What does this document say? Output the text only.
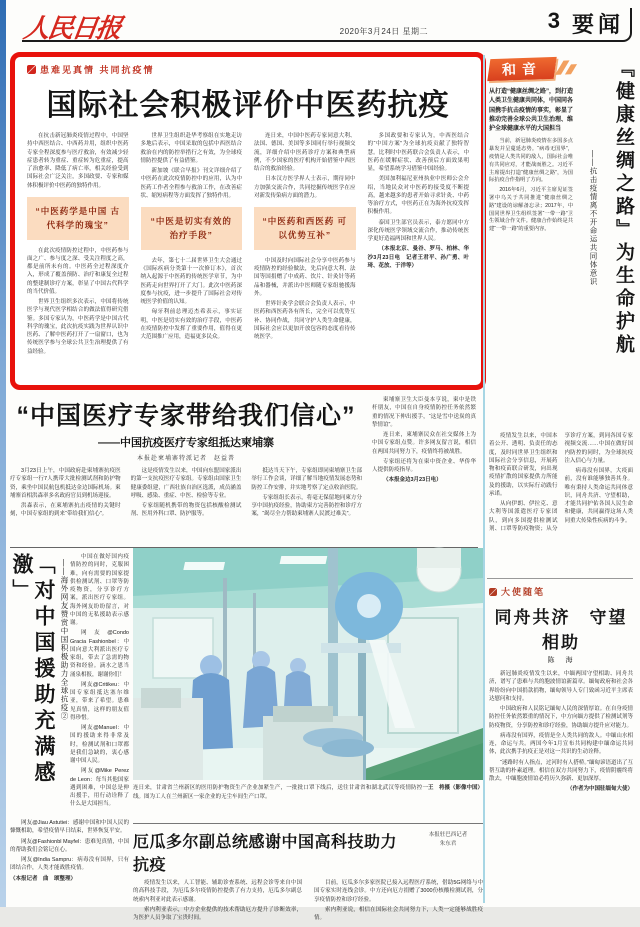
人民日报	2020年3月24日 星期二	3 要闻
患难见真情 共同抗疫情
国际社会积极评价中医药抗疫

在抗击新冠肺炎疫情过程中，中国坚持中西医结合、中西药并用，组织中医药专家全程深度参与医疗救治，有效减少轻症患者转为重症、重症转为危重症，提高了治愈率、降低了病亡率，相关经验受到国际社会广泛关注，多国政要、专家和媒体积极评价中医药的独特作用。

“中医药学是中国 古代科学的瑰宝”

在此次疫情防控过程中，中医药参与面之广、参与度之深、受关注程度之高，都是前所未有的。中医药全过程深度介入，形成了覆盖预防、治疗和康复全过程的整建制诊疗方案，彰显了中国古代科学的当代价值。

世界卫生组织多次表示，中国将传统医学与现代医学相结合的做法值得研究借鉴。多国专家认为，中医药学是中国古代科学的瑰宝，此次抗疫实践为世界认识中医药、了解中医药打开了一扇窗口，也为传统医学参与全球公共卫生治理提供了有益经验。

世界卫生组织赴华考察组在实地走访多地后表示，中国采取的包括中西医结合救治在内的防控举措行之有效，为全球疫情防控提供了有益借鉴。

新加坡《联合早报》刊文详细介绍了中医药在此次疫情防控中的应用，认为中医药工作者全程参与救治工作，在改善症状、缩短病程等方面发挥了独特作用。

“中医是切实有效的 治疗手段”

去年，第七十二届世界卫生大会通过《国际疾病分类第十一次修订本》，首次纳入起源于中医药的传统医学章节，为中医药走向世界打开了大门。此次中医药深度参与抗疫，进一步提升了国际社会对传统医学价值的认知。

匈牙利前总理迈杰希表示，事实证明，中医是切实有效的治疗手段，中医药在疫情防控中发挥了重要作用，值得在更大范围推广应用，造福更多民众。

连日来，中国中医药专家同意大利、法国、德国、美国等多国同行举行视频交流，详细介绍中医药诊疗方案和典型病例，不少国家的医疗机构开始借鉴中西医结合的救治经验。

日本汉方医学界人士表示，期待同中方加强交流合作，共同挖掘传统医学在应对新发传染病方面的潜力。

“中医药和西医药 可以优势互补”

中国及时向国际社会分享中医药参与疫情防控的经验做法，先后向意大利、法国等国捐赠了中成药、饮片、针灸针等药品和器械，并派出中医师随专家组驰援海外。

世界针灸学会联合会负责人表示，中医药和西医药各有所长，完全可以优势互补、协同作战，共同守护人类生命健康，国际社会应以更加开放包容的态度看待传统医学。

多国政要和专家认为，中西医结合的“中国方案”为全球抗疫贡献了独特智慧。比利时中医药联合会负责人表示，中医药在缓解症状、改善预后方面效果明显，希望系统学习借鉴中国经验。

美国加利福尼亚州执业中医师公会介绍，当地民众对中医药的接受度不断提高，越来越多的患者开始寻求针灸、中药等治疗方式，中医药正在为海外抗疫发挥积极作用。

泰国卫生部官员表示，泰方愿同中方深化传统医学领域交流合作，推动传统医学更好造福两国和世界人民。

（本报北京、曼谷、罗马、柏林、华沙3月23日电　记者王君平、孙广勇、叶琦、花放、于洋等）

“中国医疗专家带给我们信心”
——中国抗疫医疗专家组抵达柬埔寨
本报赴柬埔寨特派记者　赵益普

3月23日上午，中国政府赴柬埔寨抗疫医疗专家组一行7人携带大批检测试剂和防护物资，乘坐中国民航包机抵达金边国际机场。柬埔寨首相洪森率多名政府官员到机场迎接。

洪森表示，在柬埔寨抗击疫情的关键时刻，中国专家组的到来“带给我们信心”。

这是疫情发生以来，中国向东盟国家派出的第一支抗疫医疗专家组。专家组由国家卫生健康委组建，广西壮族自治区选派，成员涵盖呼吸、感染、重症、中医、检验等专业。

专家组随机携带的物资包括核酸检测试剂、医用外科口罩、防护服等。

抵达当天下午，专家组即同柬埔寨卫生部举行工作会谈，详细了解当地疫情发展态势和防控工作安排，并实地考察了定点收治医院。

专家组组长表示，将毫无保留地同柬方分享中国抗疫经验，协助柬方完善防控和诊疗方案，“竭尽全力帮助柬埔寨人民渡过难关”。

柬埔寨卫生大臣曼本亨说，柬中是铁杆朋友，中国在自身疫情防控任务依然繁重的情况下伸出援手，“这是雪中送炭的真挚情谊”。

连日来，柬埔寨民众在社交媒体上为中国专家组点赞。许多网友留言说，相信在两国共同努力下，疫情终将被战胜。

专家组还将为在柬中资企业、华侨华人提供防疫指导。

（本报金边3月23日电）

「对中国援助充满感激」	——海外网友赞赏中国积极助力全球抗疫②

中国在做好国内疫情防控的同时，克服困难，向有需要的国家提供检测试剂、口罩等防疫物资，分享诊疗方案，派出医疗专家组。海外网友纷纷留言，对中国的无私援助表示感谢。

网友@Condo Gracia Fashionbel：中国向意大利派出医疗专家组，带去了急需的物资和经验。滴水之恩当涌泉相报，谢谢你们！

网友@Critikeu：中国专家组抵达塞尔维亚，带来了希望。患难见真情，这样的朋友值得珍惜。

网友@Manuel：中国的援助来得非常及时，检测试剂和口罩都是我们急缺的，衷心感谢中国人民。

网友@Mike Perez de Leon：每当其他国家遇到困难，中国总是伸出援手，用行动诠释了什么是大国担当。

网友@Jiau Astutiei：感谢中国和中国人民的慷慨相助，希望疫情早日结束，世界恢复平安。

网友@Fashionbl Mayfel：患难见真情，中国的帮助我们会铭记在心。

网友@India Sampru：病毒没有国界，只有团结合作，人类才能战胜疫情。

（本报记者　曲　颂整理）

王　将摄（影像中国）
连日来，甘肃省兰州新区的医用防护物资生产企业加紧生产，一批批口罩下线后，送往甘肃省和湖北武汉等疫情防控一线。图为工人在兰州新区一家企业的无尘车间生产口罩。
厄瓜多尔副总统感谢中国高科技助力抗疫
本报驻巴西记者
朱东君

疫情发生以来，人工智能、辅助诊查系统、远程会诊等来自中国的高科技手段，为厄瓜多尔疫情防控提供了有力支持，厄瓜多尔副总统索内利亚对此表示感谢。

索内利亚表示，中方企业提供的技术帮助厄方提升了诊断效率，为医护人员争取了宝贵时间。

目前，厄瓜多尔多家医院已接入远程医疗系统，借助5G网络与中国专家实时连线会诊。中方还向厄方捐赠了3000份核酸检测试剂，分享疫情防控和诊疗经验。

索内利亚说，相信在国际社会共同努力下，人类一定能够战胜疫情。

和音
从打造“健康丝绸之路”，到打造人类卫生健康共同体，中国同各国携手抗击疫情的事实，彰显了推动完善全球公共卫生治理、维护全球健康水平的大国担当

当前，新冠肺炎疫情在多国多点暴发并呈蔓延态势。“病毒无国界”，疫情是人类共同的敌人，国际社会唯有共同应对，才能战而胜之。习近平主席提出打造“健康丝绸之路”，为国际抗疫合作指明了方向。

2016年6月，习近平主席见证签署中乌关于共同推进“健康丝绸之路”建设的谅解备忘录；2017年，中国同世界卫生组织签署“一带一路”卫生领域合作文件。健康合作始终是共建“一带一路”的重要内容。	——抗击疫情离不开命运共同体意识 『健康丝绸之路』为生命护航

疫情发生以来，中国本着公开、透明、负责任的态度，及时同世界卫生组织和国际社会分享信息，开展药物和疫苗联合研发，向出现疫情扩散的国家提供力所能及的援助，以实际行动践行承诺。

从向伊朗、伊拉克、意大利等国派遣医疗专家团队，到向多国提供检测试剂、口罩等防疫物资；从分享诊疗方案，到同各国专家视频交流……中国在做好国内防控的同时，为全球抗疫注入信心与力量。

病毒没有国界，大疫面前，没有谁能够独善其身。唯有秉持人类命运共同体意识，同舟共济、守望相助，才能共同护佑各国人民生命和健康，共同赢得这场人类同重大传染性疾病的斗争。

大使随笔
同舟共济　守望相助
陈　海

新冠肺炎疫情发生以来，中缅两国守望相助、同舟共济，谱写了患难与共的胞波情谊新篇章。缅甸政府和社会各界纷纷向中国捐款捐物，缅甸领导人专门致函习近平主席表达慰问和支持。

中国政府和人民铭记缅甸人民的深情厚谊。在自身疫情防控任务依然繁重的情况下，中方向缅方提供了检测试剂等防疫物资，分享防控和诊疗经验，协助缅方提升应对能力。

病毒没有国界，疫情是全人类共同的敌人。中缅山水相连，命运与共。两国今年1月宣布共同构建中缅命运共同体，此次携手抗疫正是对这一共识的生动诠释。

“迷路时有人指点，过河时有人搭桥。”缅甸谚语道出了互帮互助的朴素道理。相信在双方共同努力下，疫情阴霾终将散去，中缅胞波情谊必将历久弥新、更加深厚。

（作者为中国驻缅甸大使）
